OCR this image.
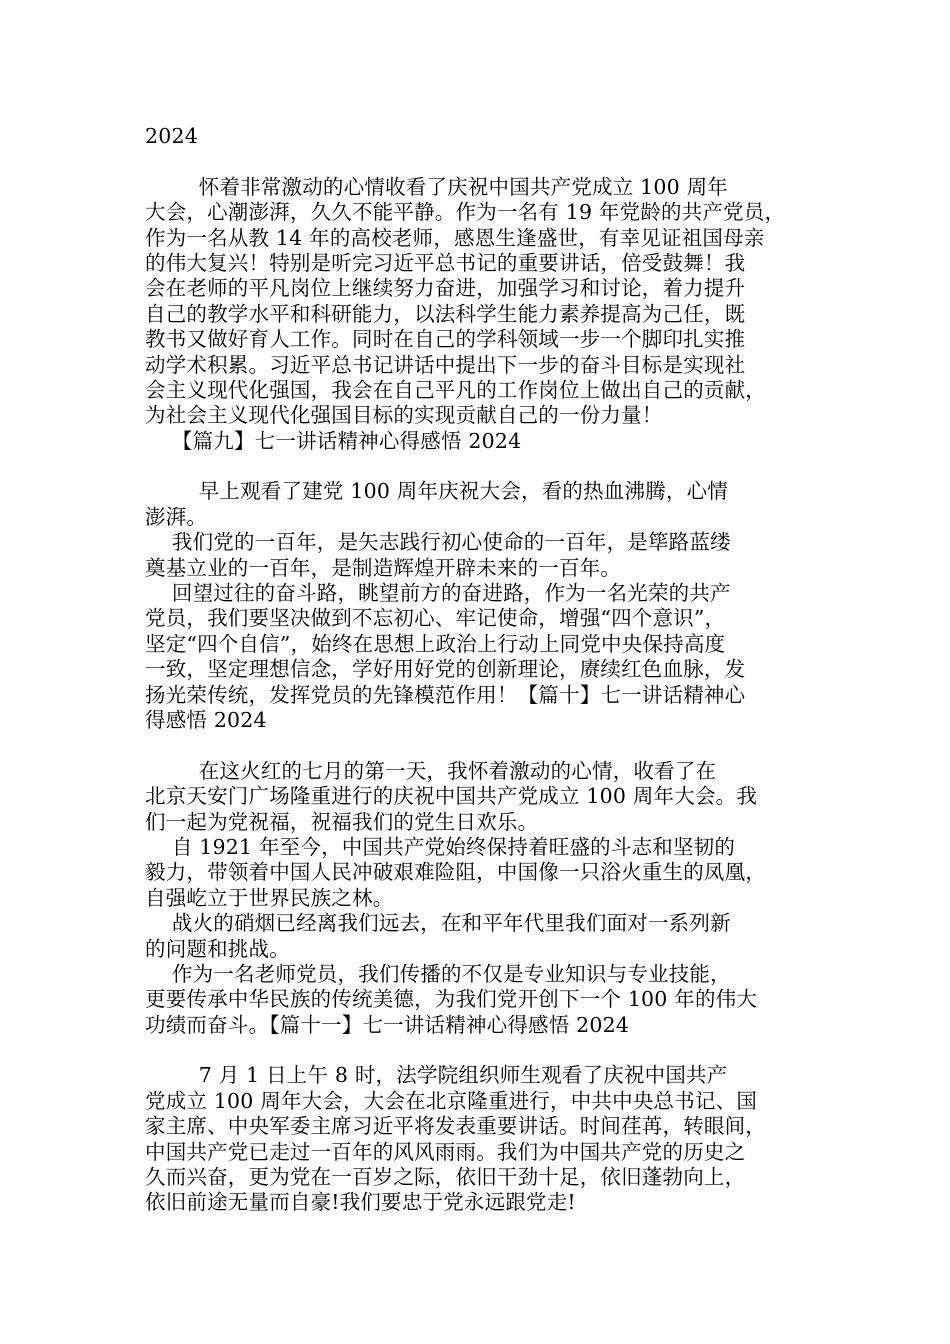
2024
怀着非常激动的心情收看了庆祝中国共产党成立 100 周年
大会，心潮澎湃，久久不能平静。作为一名有 19 年党龄的共产党员，
作为一名从教 14 年的高校老师，感恩生逢盛世，有幸见证祖国母亲
的伟大复兴！特别是听完习近平总书记的重要讲话，倍受鼓舞！我
会在老师的平凡岗位上继续努力奋进，加强学习和讨论，着力提升
自己的教学水平和科研能力，以法科学生能力素养提高为己任，既
教书又做好育人工作。同时在自己的学科领域一步一个脚印扎实推
动学术积累。习近平总书记讲话中提出下一步的奋斗目标是实现社
会主义现代化强国，我会在自己平凡的工作岗位上做出自己的贡献，
为社会主义现代化强国目标的实现贡献自己的一份力量！
【篇九】七一讲话精神心得感悟 2024
早上观看了建党 100 周年庆祝大会，看的热血沸腾，心情
澎湃。
我们党的一百年，是矢志践行初心使命的一百年，是筚路蓝缕
奠基立业的一百年，是制造辉煌开辟未来的一百年。
回望过往的奋斗路，眺望前方的奋进路，作为一名光荣的共产
党员，我们要坚决做到不忘初心、牢记使命，增强“四个意识”，
坚定“四个自信”，始终在思想上政治上行动上同党中央保持高度
一致，坚定理想信念，学好用好党的创新理论，赓续红色血脉，发
扬光荣传统，发挥党员的先锋模范作用！【篇十】七一讲话精神心
得感悟 2024
在这火红的七月的第一天，我怀着激动的心情，收看了在
北京天安门广场隆重进行的庆祝中国共产党成立 100 周年大会。我
们一起为党祝福，祝福我们的党生日欢乐。
自 1921 年至今，中国共产党始终保持着旺盛的斗志和坚韧的
毅力，带领着中国人民冲破艰难险阻，中国像一只浴火重生的凤凰，
自强屹立于世界民族之林。
战火的硝烟已经离我们远去，在和平年代里我们面对一系列新
的问题和挑战。
作为一名老师党员，我们传播的不仅是专业知识与专业技能，
更要传承中华民族的传统美德，为我们党开创下一个 100 年的伟大
功绩而奋斗。【篇十一】七一讲话精神心得感悟 2024
7 月 1 日上午 8 时，法学院组织师生观看了庆祝中国共产
党成立 100 周年大会，大会在北京隆重进行，中共中央总书记、国
家主席、中央军委主席习近平将发表重要讲话。时间荏苒，转眼间，
中国共产党已走过一百年的风风雨雨。我们为中国共产党的历史之
久而兴奋，更为党在一百岁之际，依旧干劲十足，依旧蓬勃向上，
依旧前途无量而自豪!我们要忠于党永远跟党走!
